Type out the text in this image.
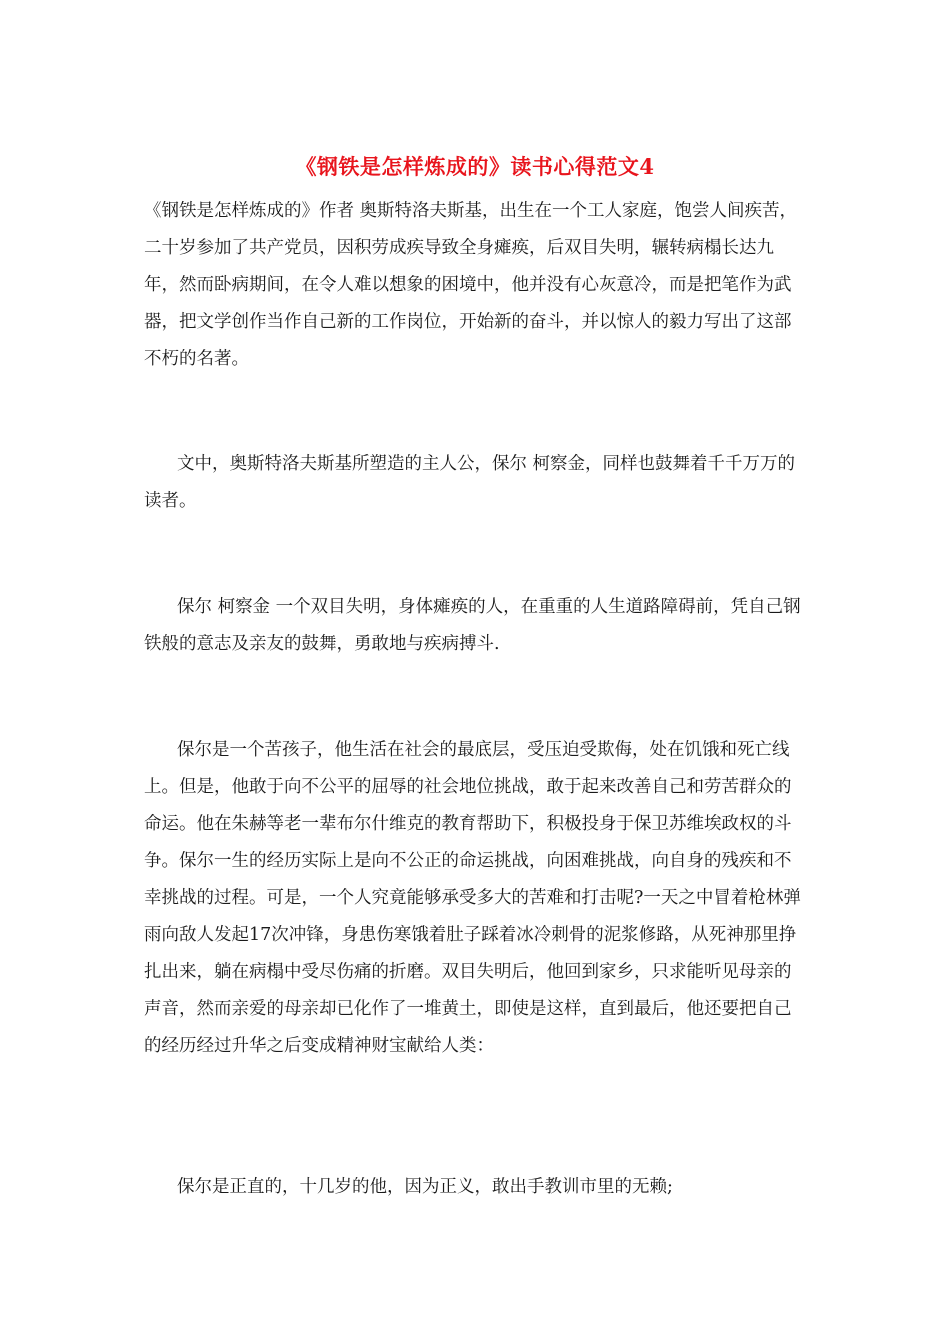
《钢铁是怎样炼成的》读书心得范文4

《钢铁是怎样炼成的》作者 奥斯特洛夫斯基，出生在一个工人家庭，饱尝人间疾苦，二十岁参加了共产党员，因积劳成疾导致全身瘫痪，后双目失明，辗转病榻长达九年，然而卧病期间，在令人难以想象的困境中，他并没有心灰意冷，而是把笔作为武器，把文学创作当作自己新的工作岗位，开始新的奋斗，并以惊人的毅力写出了这部不朽的名著。

文中，奥斯特洛夫斯基所塑造的主人公，保尔 柯察金，同样也鼓舞着千千万万的读者。

保尔 柯察金 一个双目失明，身体瘫痪的人，在重重的人生道路障碍前，凭自己钢铁般的意志及亲友的鼓舞，勇敢地与疾病搏斗.

保尔是一个苦孩子，他生活在社会的最底层，受压迫受欺侮，处在饥饿和死亡线上。但是，他敢于向不公平的屈辱的社会地位挑战，敢于起来改善自己和劳苦群众的命运。他在朱赫等老一辈布尔什维克的教育帮助下，积极投身于保卫苏维埃政权的斗争。保尔一生的经历实际上是向不公正的命运挑战，向困难挑战，向自身的残疾和不幸挑战的过程。可是，一个人究竟能够承受多大的苦难和打击呢?一天之中冒着枪林弹雨向敌人发起17次冲锋，身患伤寒饿着肚子踩着冰冷刺骨的泥浆修路，从死神那里挣扎出来，躺在病榻中受尽伤痛的折磨。双目失明后，他回到家乡，只求能听见母亲的声音，然而亲爱的母亲却已化作了一堆黄土，即使是这样，直到最后，他还要把自己的经历经过升华之后变成精神财宝献给人类：

保尔是正直的，十几岁的他，因为正义，敢出手教训市里的无赖;
